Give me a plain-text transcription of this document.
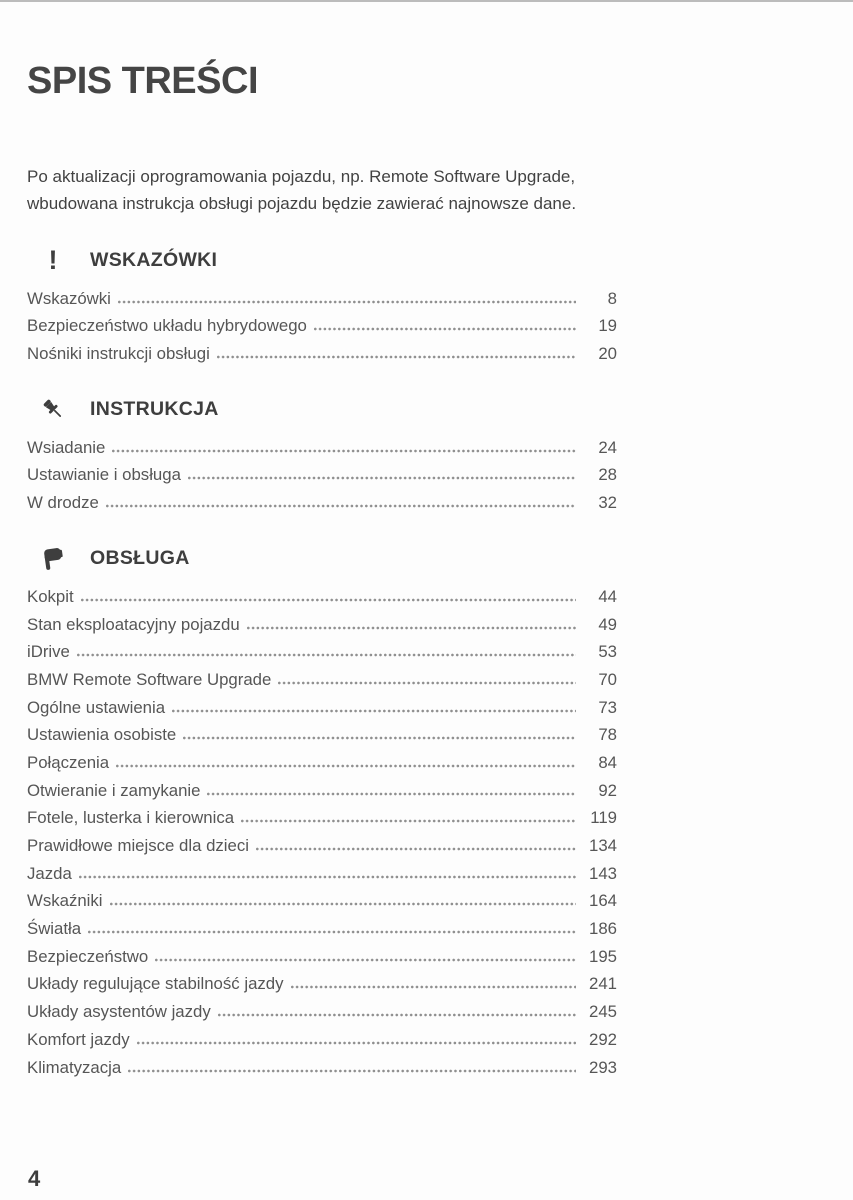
SPIS TREŚCI

Po aktualizacji oprogramowania pojazdu, np. Remote Software Upgrade, wbudowana instrukcja obsługi pojazdu będzie zawierać najnowsze dane.

! WSKAZÓWKI
Wskazówki	8
Bezpieczeństwo układu hybrydowego	19
Nośniki instrukcji obsługi	20
INSTRUKCJA
Wsiadanie	24
Ustawianie i obsługa	28
W drodze	32
OBSŁUGA
Kokpit	44
Stan eksploatacyjny pojazdu	49
iDrive	53
BMW Remote Software Upgrade	70
Ogólne ustawienia	73
Ustawienia osobiste	78
Połączenia	84
Otwieranie i zamykanie	92
Fotele, lusterka i kierownica	119
Prawidłowe miejsce dla dzieci	134
Jazda	143
Wskaźniki	164
Światła	186
Bezpieczeństwo	195
Układy regulujące stabilność jazdy	241
Układy asystentów jazdy	245
Komfort jazdy	292
Klimatyzacja	293
4
